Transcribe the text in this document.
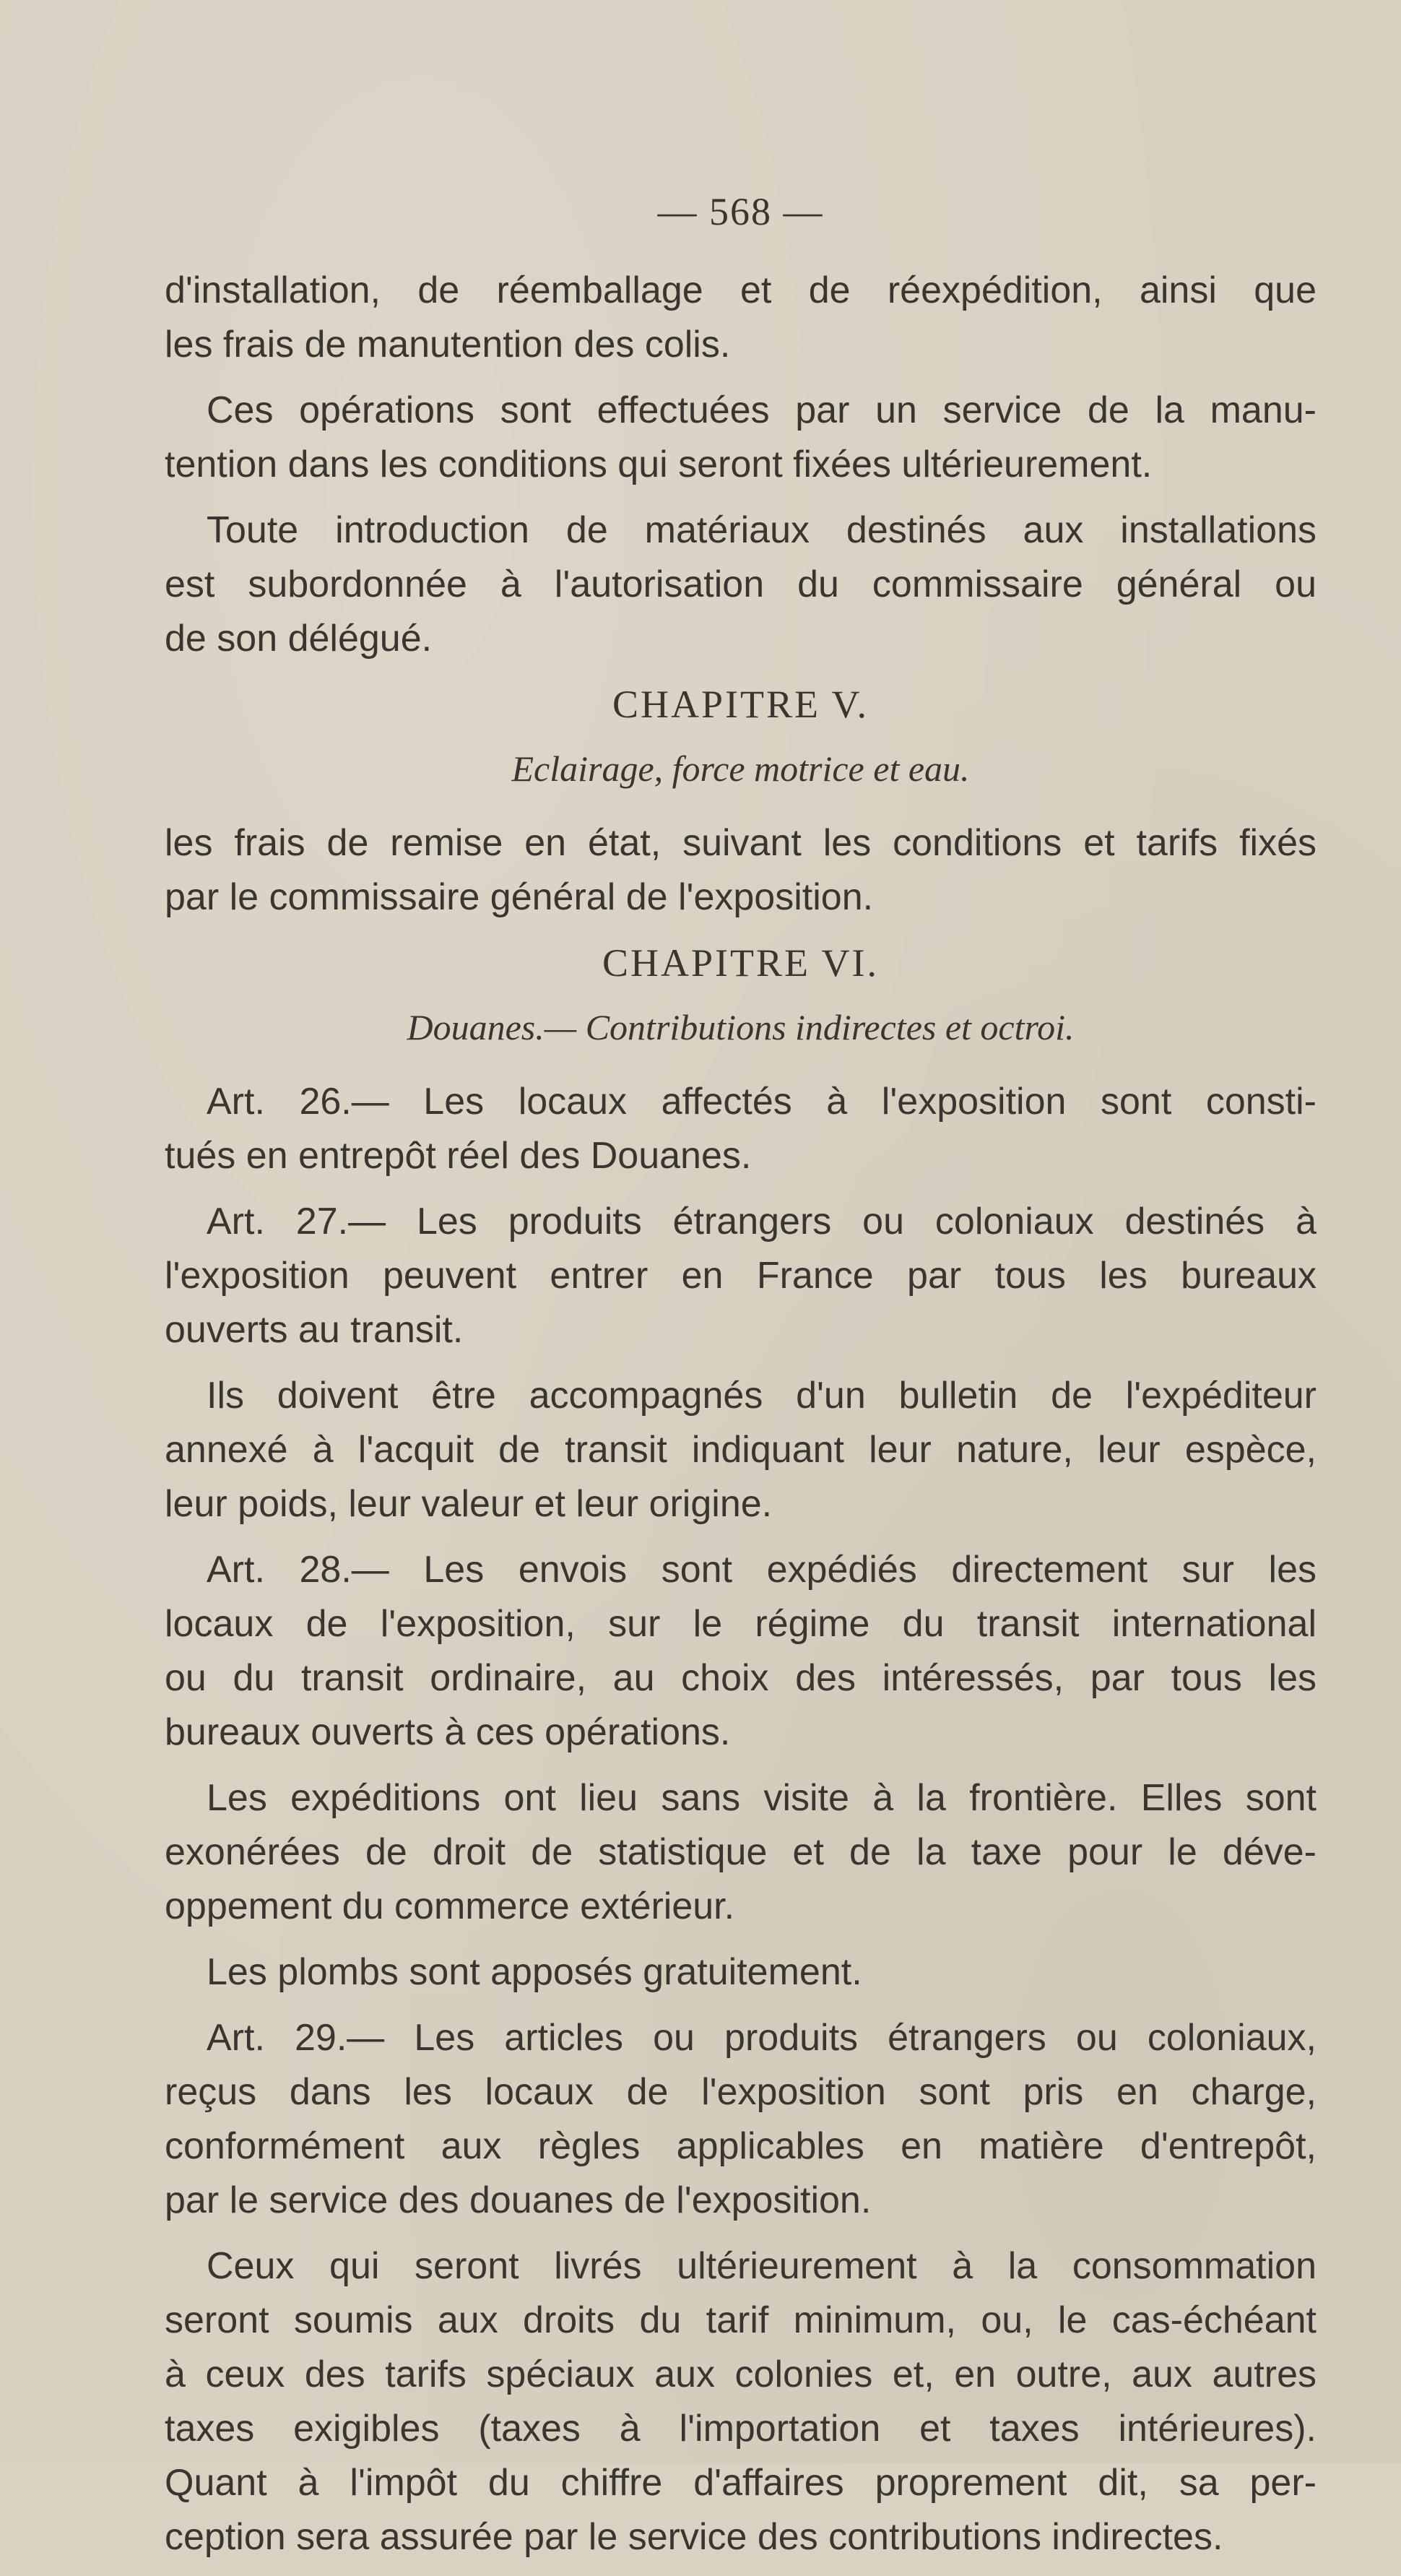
— 568 —
d'installation, de réemballage et de réexpédition, ainsi que
les frais de manutention des colis.
Ces opérations sont effectuées par un service de la manu-
tention dans les conditions qui seront fixées ultérieurement.
Toute introduction de matériaux destinés aux installations
est subordonnée à l'autorisation du commissaire général ou
de son délégué.
CHAPITRE V.
Eclairage, force motrice et eau.
les frais de remise en état, suivant les conditions et tarifs fixés
par le commissaire général de l'exposition.
CHAPITRE VI.
Douanes.— Contributions indirectes et octroi.
Art. 26.— Les locaux affectés à l'exposition sont consti-
tués en entrepôt réel des Douanes.
Art. 27.— Les produits étrangers ou coloniaux destinés à
l'exposition peuvent entrer en France par tous les bureaux
ouverts au transit.
Ils doivent être accompagnés d'un bulletin de l'expéditeur
annexé à l'acquit de transit indiquant leur nature, leur espèce,
leur poids, leur valeur et leur origine.
Art. 28.— Les envois sont expédiés directement sur les
locaux de l'exposition, sur le régime du transit international
ou du transit ordinaire, au choix des intéressés, par tous les
bureaux ouverts à ces opérations.
Les expéditions ont lieu sans visite à la frontière. Elles sont
exonérées de droit de statistique et de la taxe pour le déve-
oppement du commerce extérieur.
Les plombs sont apposés gratuitement.
Art. 29.— Les articles ou produits étrangers ou coloniaux,
reçus dans les locaux de l'exposition sont pris en charge,
conformément aux règles applicables en matière d'entrepôt,
par le service des douanes de l'exposition.
Ceux qui seront livrés ultérieurement à la consommation
seront soumis aux droits du tarif minimum, ou, le cas-échéant
à ceux des tarifs spéciaux aux colonies et, en outre, aux autres
taxes exigibles (taxes à l'importation et taxes intérieures).
Quant à l'impôt du chiffre d'affaires proprement dit, sa per-
ception sera assurée par le service des contributions indirectes.
